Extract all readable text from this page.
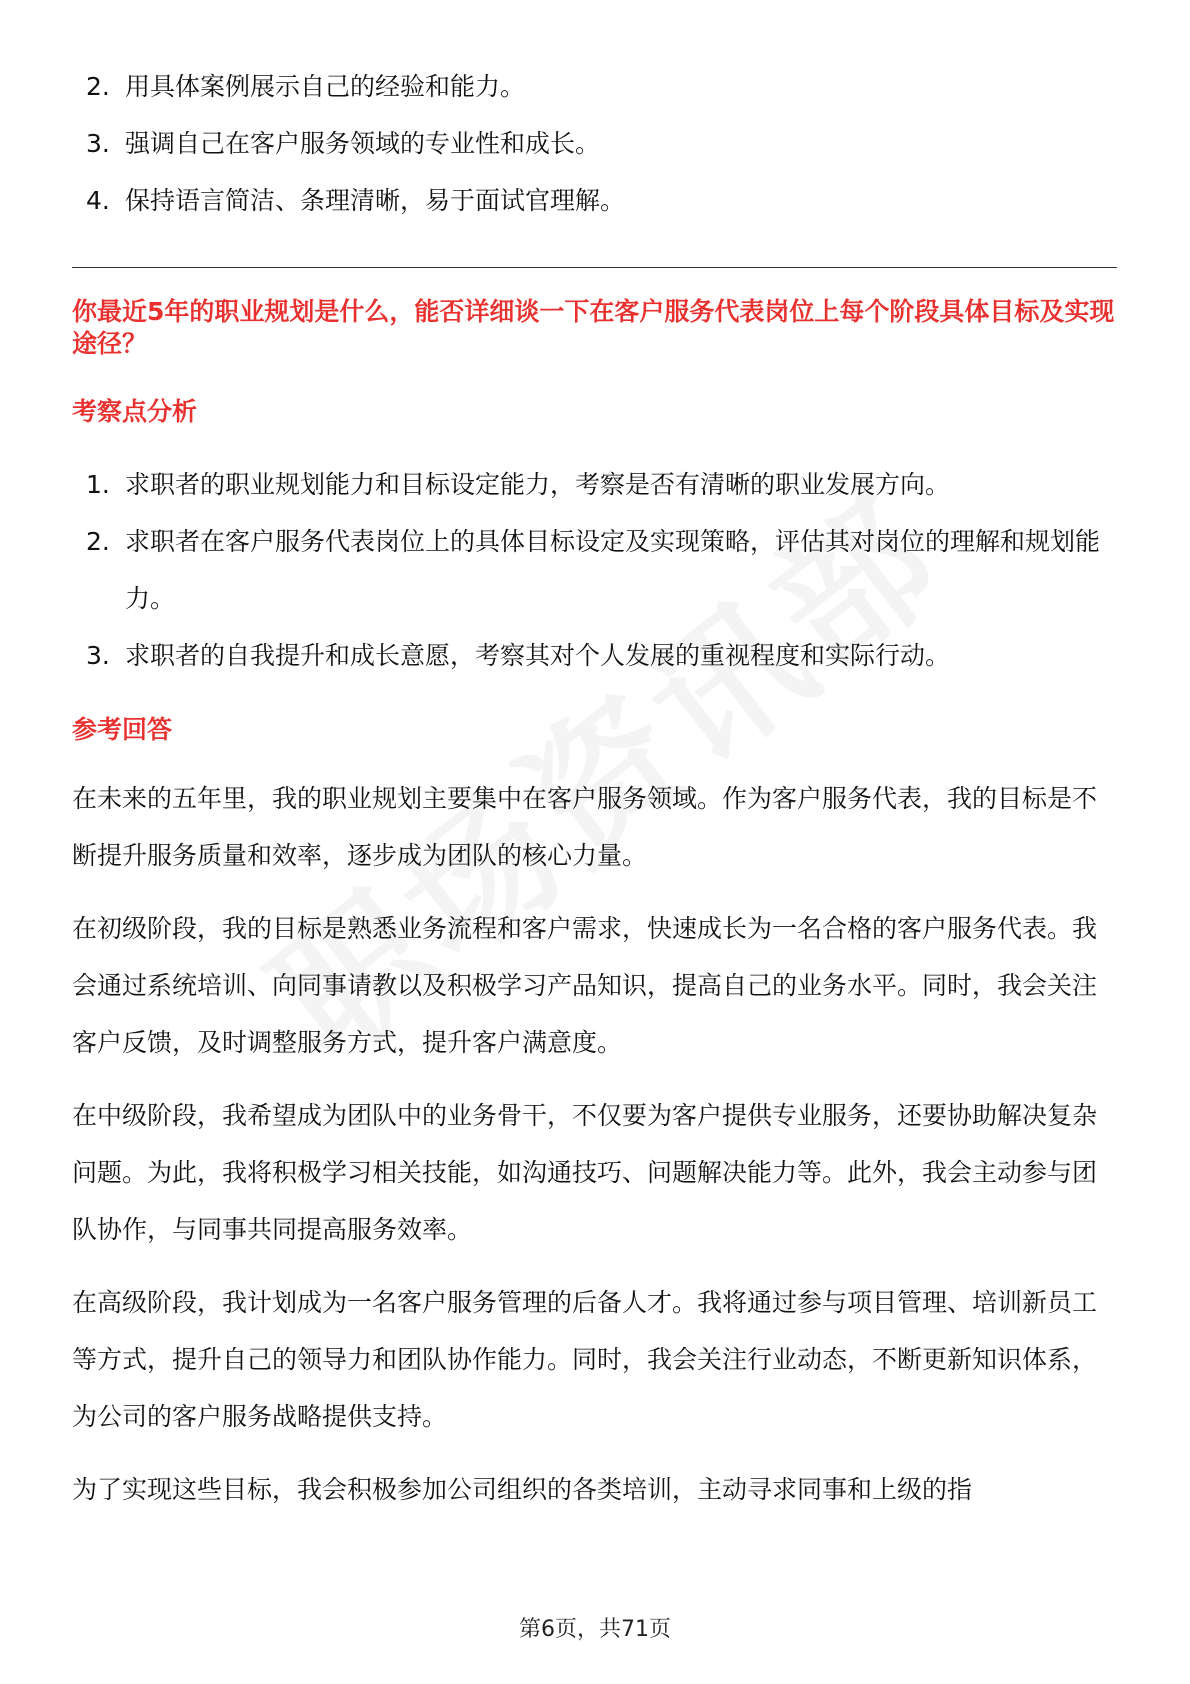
2. 用具体案例展示自己的经验和能力。
3. 强调自己在客户服务领域的专业性和成长。
4. 保持语言简洁、条理清晰，易于面试官理解。

你最近5年的职业规划是什么，能否详细谈一下在客户服务代表岗位上每个阶段具体目标及实现途径？

考察点分析
1. 求职者的职业规划能力和目标设定能力，考察是否有清晰的职业发展方向。
2. 求职者在客户服务代表岗位上的具体目标设定及实现策略，评估其对岗位的理解和规划能力。
3. 求职者的自我提升和成长意愿，考察其对个人发展的重视程度和实际行动。
参考回答

在未来的五年里，我的职业规划主要集中在客户服务领域。作为客户服务代表，我的目标是不断提升服务质量和效率，逐步成为团队的核心力量。

在初级阶段，我的目标是熟悉业务流程和客户需求，快速成长为一名合格的客户服务代表。我会通过系统培训、向同事请教以及积极学习产品知识，提高自己的业务水平。同时，我会关注客户反馈，及时调整服务方式，提升客户满意度。

在中级阶段，我希望成为团队中的业务骨干，不仅要为客户提供专业服务，还要协助解决复杂问题。为此，我将积极学习相关技能，如沟通技巧、问题解决能力等。此外，我会主动参与团队协作，与同事共同提高服务效率。

在高级阶段，我计划成为一名客户服务管理的后备人才。我将通过参与项目管理、培训新员工等方式，提升自己的领导力和团队协作能力。同时，我会关注行业动态，不断更新知识体系，为公司的客户服务战略提供支持。

为了实现这些目标，我会积极参加公司组织的各类培训，主动寻求同事和上级的指

第6页，共71页
